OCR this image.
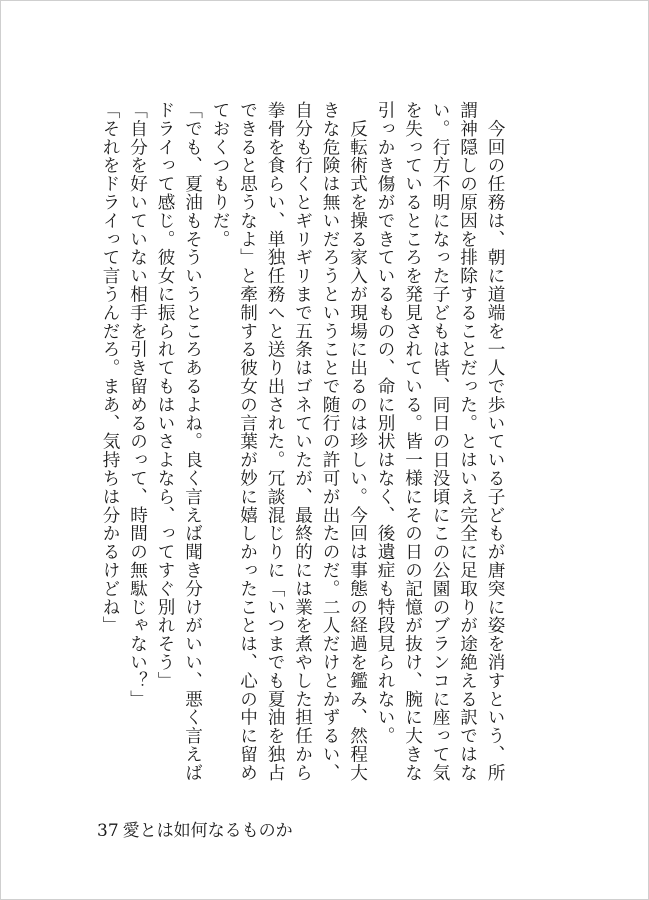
　今回の任務は、朝に道端を一人で歩いている子どもが唐突に姿を消すという、所謂神隠しの原因を排除することだった。とはいえ完全に足取りが途絶える訳ではない。行方不明になった子どもは皆、同日の日没頃にこの公園のブランコに座って気を失っているところを発見されている。皆一様にその日の記憶が抜け、腕に大きな引っかき傷ができているものの、命に別状はなく、後遺症も特段見られない。

　反転術式を操る家入が現場に出るのは珍しい。今回は事態の経過を鑑み、然程大きな危険は無いだろうということで随行の許可が出たのだ。二人だけとかずるい、自分も行くとギリギリまで五条はゴネていたが、最終的には業を煮やした担任から拳骨を食らい、単独任務へと送り出された。冗談混じりに「いつまでも夏油を独占できると思うなよ」と牽制する彼女の言葉が妙に嬉しかったことは、心の中に留めておくつもりだ。

「でも、夏油もそういうところあるよね。良く言えば聞き分けがいい、悪く言えばドライって感じ。彼女に振られてもはいさよなら、ってすぐ別れそう」

「自分を好いていない相手を引き留めるのって、時間の無駄じゃない？」

「それをドライって言うんだろ。まあ、気持ちは分かるけどね」

37 愛とは如何なるものか
